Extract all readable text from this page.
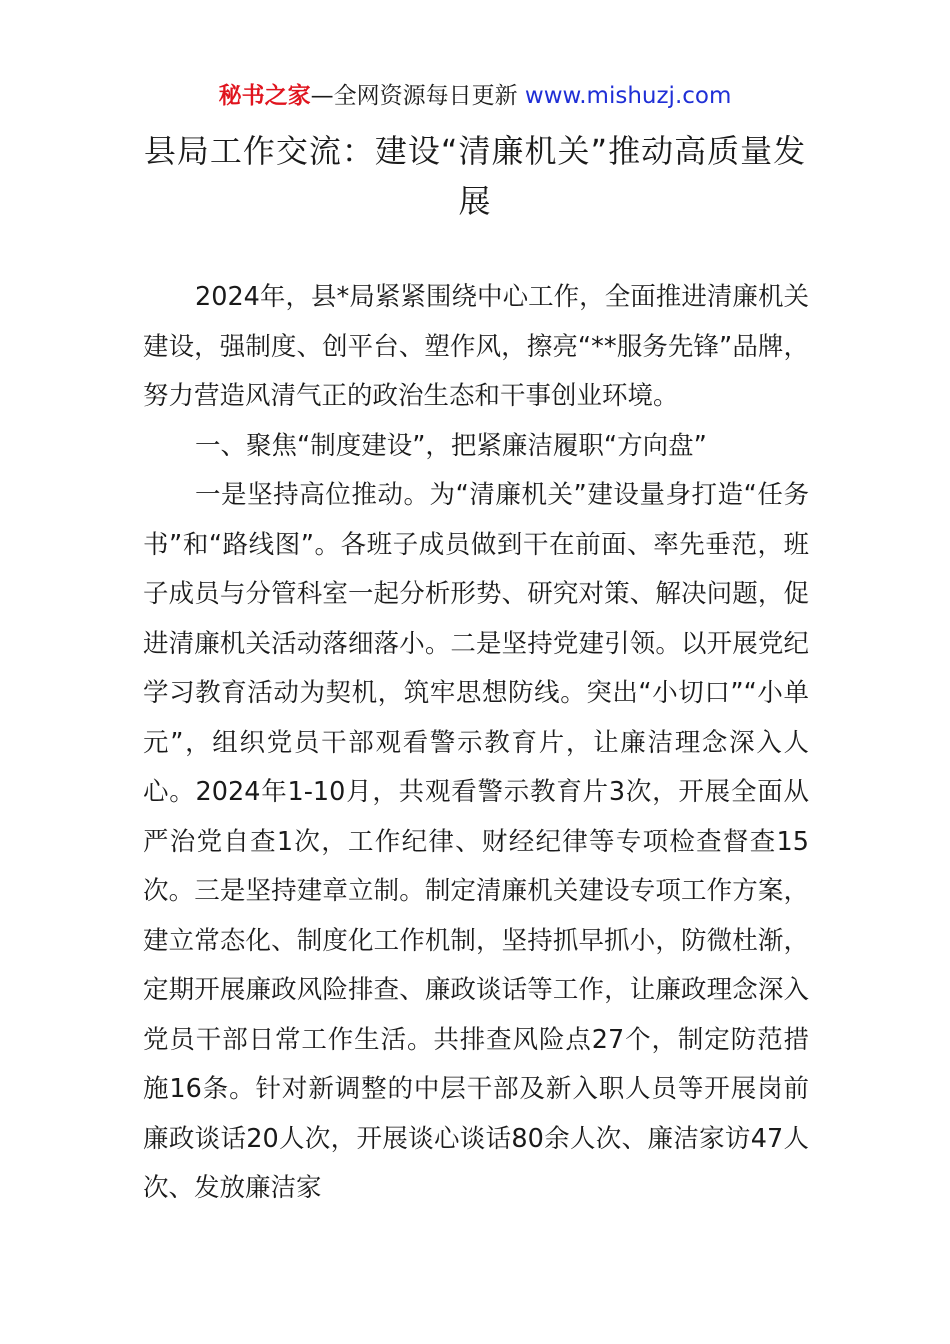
秘书之家—全网资源每日更新 www.mishuzj.com
县局工作交流：建设“清廉机关”推动高质量发展

2024年，县*局紧紧围绕中心工作，全面推进清廉机关建设，强制度、创平台、塑作风，擦亮“**服务先锋”品牌，努力营造风清气正的政治生态和干事创业环境。

一、聚焦“制度建设”，把紧廉洁履职“方向盘”

一是坚持高位推动。为“清廉机关”建设量身打造“任务书”和“路线图”。各班子成员做到干在前面、率先垂范，班子成员与分管科室一起分析形势、研究对策、解决问题，促进清廉机关活动落细落小。二是坚持党建引领。以开展党纪学习教育活动为契机，筑牢思想防线。突出“小切口”“小单元”，组织党员干部观看警示教育片，让廉洁理念深入人心。2024年1-10月，共观看警示教育片3次，开展全面从严治党自查1次，工作纪律、财经纪律等专项检查督查15次。三是坚持建章立制。制定清廉机关建设专项工作方案，建立常态化、制度化工作机制，坚持抓早抓小，防微杜渐，定期开展廉政风险排查、廉政谈话等工作，让廉政理念深入党员干部日常工作生活。共排查风险点27个，制定防范措施16条。针对新调整的中层干部及新入职人员等开展岗前廉政谈话20人次，开展谈心谈话80余人次、廉洁家访47人次、发放廉洁家
